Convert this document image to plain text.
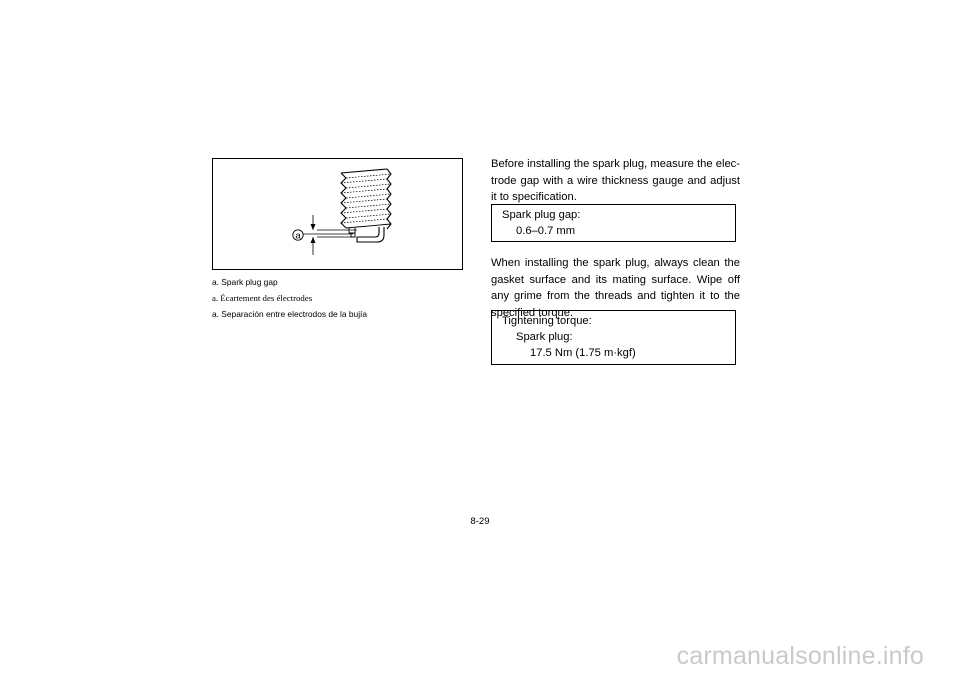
a
a. Spark plug gap
a. Écartement des électrodes
a. Separación entre electrodos de la bujía
Before installing the spark plug, measure the elec-trode gap with a wire thickness gauge and adjust it to specification.
Spark plug gap:
0.6–0.7 mm
When installing the spark plug, always clean the gasket surface and its mating surface. Wipe off any grime from the threads and tighten it to the specified torque.
Tightening torque:
Spark plug:
17.5 Nm (1.75 m·kgf)
8-29
carmanualsonline.info
